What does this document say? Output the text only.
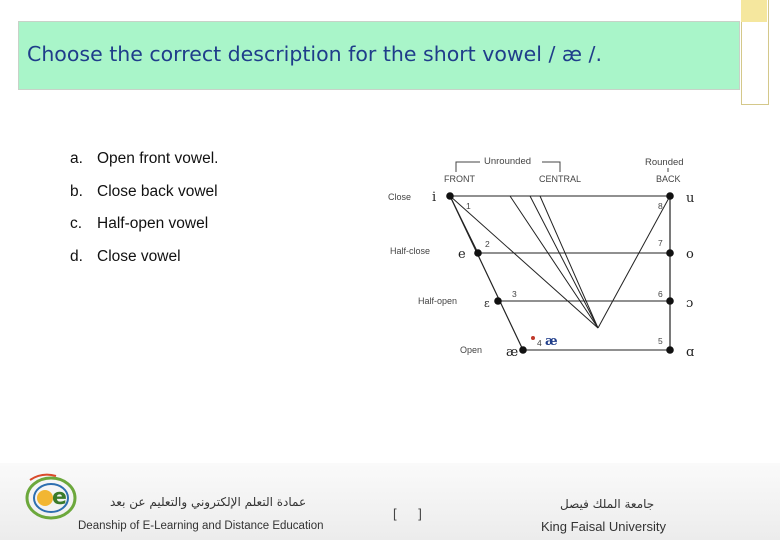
Choose the correct description for the short vowel / æ /.
a. Open front vowel.
b. Close back vowel
c. Half-open vowel
d. Close vowel
Unrounded	Rounded
FRONT	CENTRAL	BACK
Close
Half-close
Half-open
Open
i
e
ɛ
æ
u
o
ɔ
ɑ
1
2
3
4
8
7
6
5
æ
e	عمادة التعلم الإلكتروني والتعليم عن بعد
Deanship of E-Learning and Distance Education
[ ]
جامعة الملك فيصل
King Faisal University
